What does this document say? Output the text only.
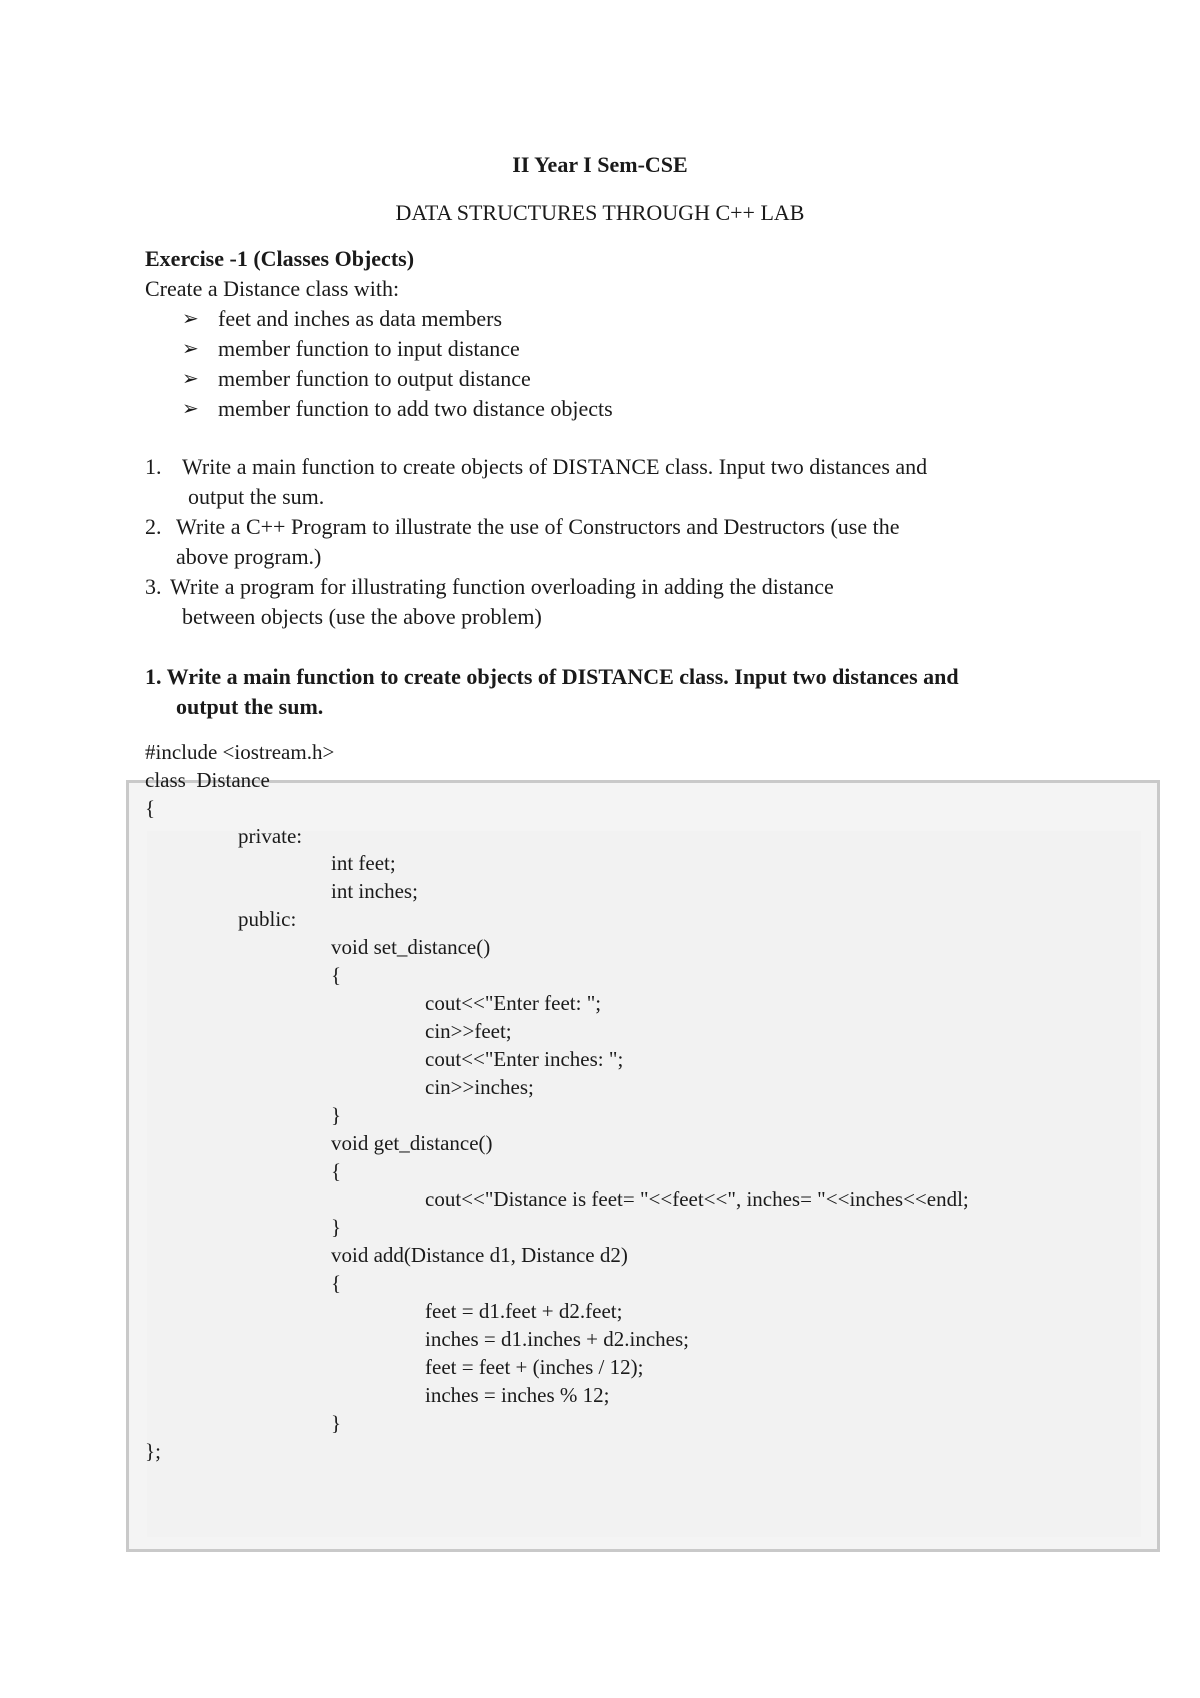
II Year I Sem-CSE
DATA STRUCTURES THROUGH C++ LAB
Exercise -1 (Classes Objects)
Create a Distance class with:
➢ feet and inches as data members
➢ member function to input distance
➢ member function to output distance
➢ member function to add two distance objects
1. Write a main function to create objects of DISTANCE class. Input two distances and
output the sum.
2. Write a C++ Program to illustrate the use of Constructors and Destructors (use the
above program.)
3. Write a program for illustrating function overloading in adding the distance
between objects (use the above problem)
1. Write a main function to create objects of DISTANCE class. Input two distances and
output the sum.
#include <iostream.h>
class  Distance
{
private:
int feet;
int inches;
public:
void set_distance()
{
cout<<"Enter feet: ";
cin>>feet;
cout<<"Enter inches: ";
cin>>inches;
}
void get_distance()
{
cout<<"Distance is feet= "<<feet<<", inches= "<<inches<<endl;
}
void add(Distance d1, Distance d2)
{
feet = d1.feet + d2.feet;
inches = d1.inches + d2.inches;
feet = feet + (inches / 12);
inches = inches % 12;
}
};
